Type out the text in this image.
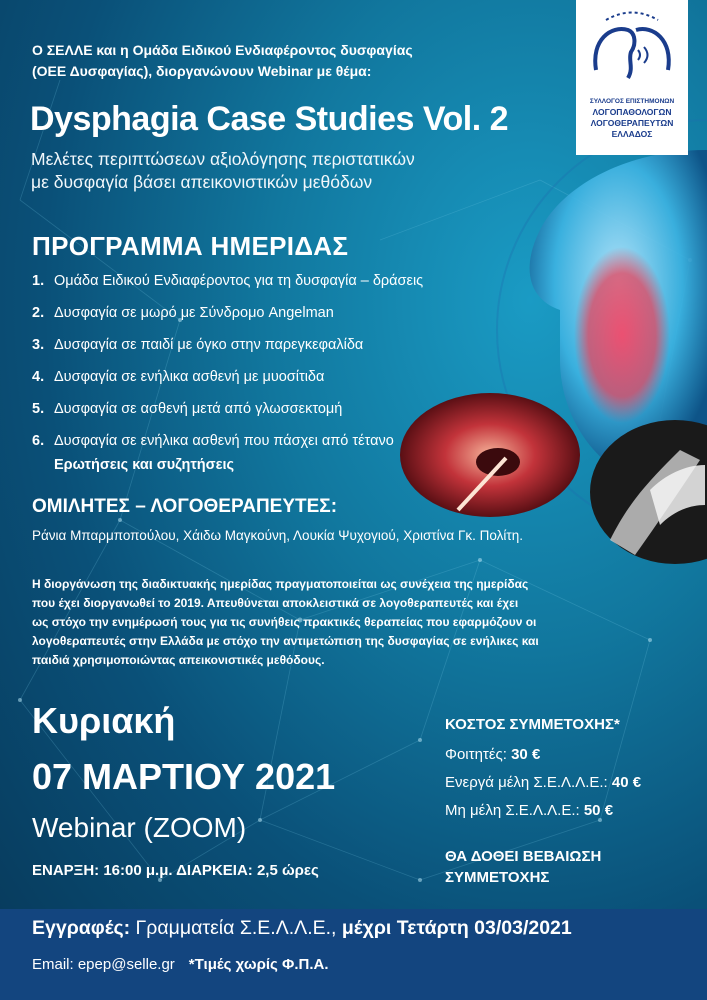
ΣΥΛΛΟΓΟΣ ΕΠΙΣΤΗΜΟΝΩΝ
ΛΟΓΟΠΑΘΟΛΟΓΩΝ
ΛΟΓΟΘΕΡΑΠΕΥΤΩΝ
ΕΛΛΑΔΟΣ
Ο ΣΕΛΛΕ και η Ομάδα Ειδικού Ενδιαφέροντος δυσφαγίας
(ΟΕΕ Δυσφαγίας), διοργανώνουν Webinar με θέμα:
Dysphagia Case Studies Vol. 2
Μελέτες περιπτώσεων αξιολόγησης περιστατικών
με δυσφαγία βάσει απεικονιστικών μεθόδων
ΠΡΟΓΡΑΜΜΑ ΗΜΕΡΙΔΑΣ
1. Ομάδα Ειδικού Ενδιαφέροντος για τη δυσφαγία – δράσεις
2. Δυσφαγία σε μωρό με Σύνδρομο Angelman
3. Δυσφαγία σε παιδί με όγκο στην παρεγκεφαλίδα
4. Δυσφαγία σε ενήλικα ασθενή με μυοσίτιδα
5. Δυσφαγία σε ασθενή μετά από γλωσσεκτομή
6. Δυσφαγία σε ενήλικα ασθενή που πάσχει από τέτανο
Ερωτήσεις και συζητήσεις
ΟΜΙΛΗΤΕΣ – ΛΟΓΟΘΕΡΑΠΕΥΤΕΣ:
Ράνια Μπαρμποπούλου, Χάιδω Μαγκούνη, Λουκία Ψυχογιού, Χριστίνα Γκ. Πολίτη.
Η διοργάνωση της διαδικτυακής ημερίδας πραγματοποιείται ως συνέχεια της ημερίδας
που έχει διοργανωθεί το 2019. Απευθύνεται αποκλειστικά σε λογοθεραπευτές και έχει
ως στόχο την ενημέρωσή τους για τις συνήθεις πρακτικές θεραπείας που εφαρμόζουν οι
λογοθεραπευτές στην Ελλάδα με στόχο την αντιμετώπιση της δυσφαγίας σε ενήλικες και
παιδιά χρησιμοποιώντας απεικονιστικές μεθόδους.
Κυριακή
07 ΜΑΡΤΙΟΥ 2021
Webinar (ZOOM)
ΕΝΑΡΞΗ: 16:00 μ.μ. ΔΙΑΡΚΕΙΑ: 2,5 ώρες
ΚΟΣΤΟΣ ΣΥΜΜΕΤΟΧΗΣ*
Φοιτητές: 30 €
Ενεργά μέλη Σ.Ε.Λ.Λ.Ε.: 40 €
Μη μέλη Σ.Ε.Λ.Λ.Ε.: 50 €
ΘΑ ΔΟΘΕΙ ΒΕΒΑΙΩΣΗ
ΣΥΜΜΕΤΟΧΗΣ
Εγγραφές: Γραμματεία Σ.Ε.Λ.Λ.Ε., μέχρι Τετάρτη 03/03/2021
Email: epep@selle.gr *Τιμές χωρίς Φ.Π.Α.
